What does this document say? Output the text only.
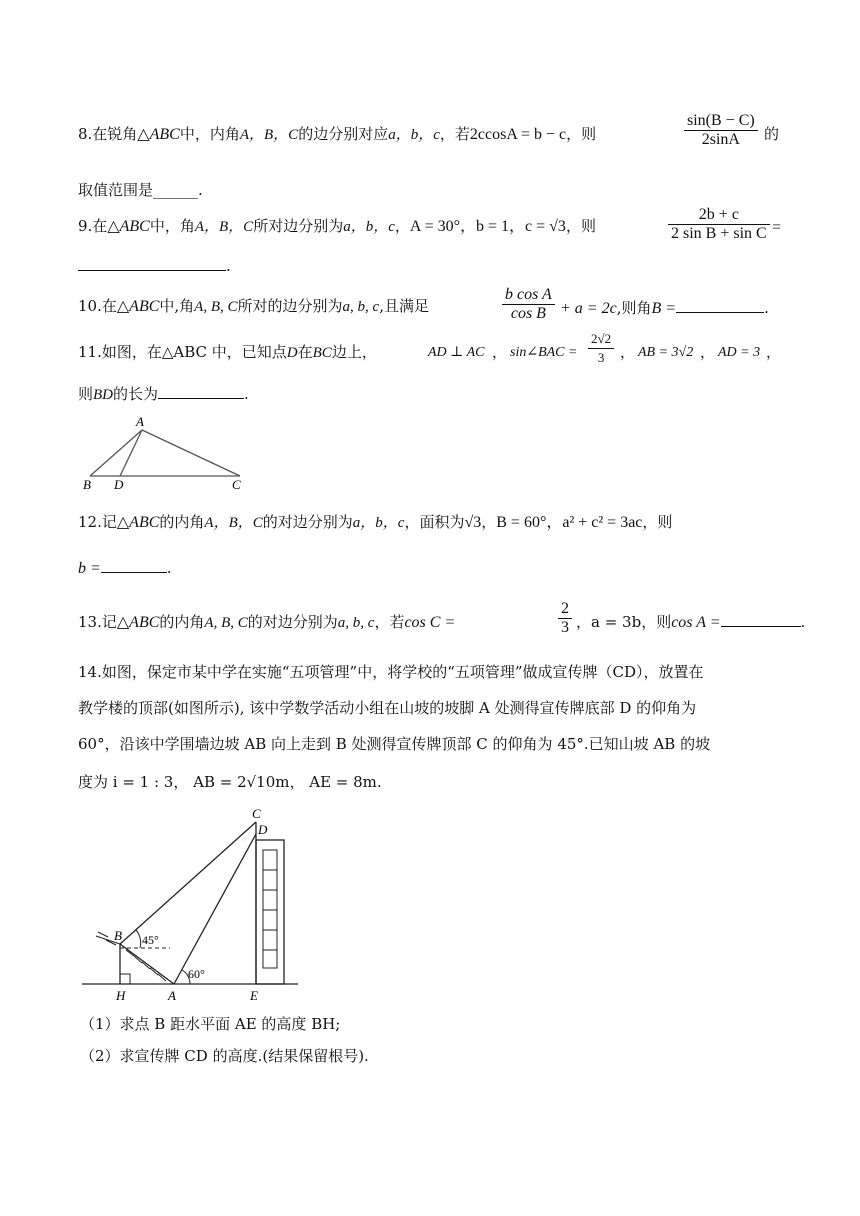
8.在锐角△ABC中，内角A，B，C的边分别对应a，b，c，若2ccosA = b − c，则	$\frac{\sin(B - C)}{2\sin A}$ 的
取值范围是______.
9.在△ABC中，角A，B，C所对边分别为a，b，c，A = 30°，b = 1，c = √3，则	$\frac{2b + c}{\text{2 sin B + sin C}}$ =
.
10.在△ABC中,角A, B, C所对的边分别为a, b, c,且满足	$\frac{\text{b cos A}}{\text{cos B}} + a = 2c$,则角B =	.
11.如图，在△ABC 中，已知点D在BC边上，	AD ⊥ AC ， sin∠BAC = $\frac{2√2}{3}$ ， AB = 3√2 ， AD = 3 ，
则BD的长为	.
A
B D	C
12.记△ABC的内角A，B，C的对边分别为a，b，c，面积为√3，B = 60°，a² + c² = 3ac，则
b =	.
13.记△ABC的内角A, B, C的对边分别为a, b, c，若cos C =	$\frac{2}{3}$ ，a = 3b，则cos A =	.
14.如图，保定市某中学在实施“五项管理”中，将学校的“五项管理”做成宣传牌（CD），放置在
教学楼的顶部(如图所示), 该中学数学活动小组在山坡的坡脚 A 处测得宣传牌底部 D 的仰角为
60°，沿该中学围墙边坡 AB 向上走到 B 处测得宣传牌顶部 C 的仰角为 45°.已知山坡 AB 的坡
度为 i = 1 : 3， AB = 2√10m， AE = 8m.
C
D
B
H	A	E
45°
60°
（1）求点 B 距水平面 AE 的高度 BH;
（2）求宣传牌 CD 的高度.(结果保留根号).
